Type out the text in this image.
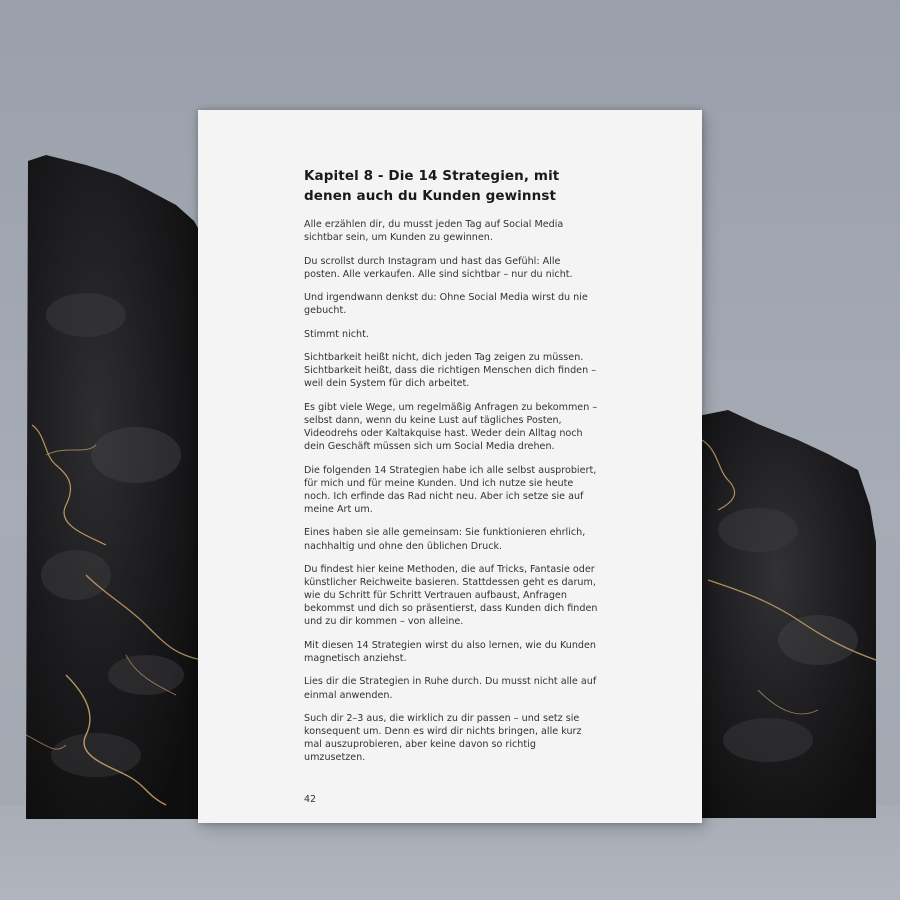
Kapitel 8 - Die 14 Strategien, mit denen auch du Kunden gewinnst

Alle erzählen dir, du musst jeden Tag auf Social Media sichtbar sein, um Kunden zu gewinnen.

Du scrollst durch Instagram und hast das Gefühl: Alle posten. Alle verkaufen. Alle sind sichtbar – nur du nicht.

Und irgendwann denkst du: Ohne Social Media wirst du nie gebucht.

Stimmt nicht.

Sichtbarkeit heißt nicht, dich jeden Tag zeigen zu müssen. Sichtbarkeit heißt, dass die richtigen Menschen dich finden – weil dein System für dich arbeitet.

Es gibt viele Wege, um regelmäßig Anfragen zu bekommen – selbst dann, wenn du keine Lust auf tägliches Posten, Videodrehs oder Kaltakquise hast. Weder dein Alltag noch dein Geschäft müssen sich um Social Media drehen.

Die folgenden 14 Strategien habe ich alle selbst ausprobiert, für mich und für meine Kunden. Und ich nutze sie heute noch. Ich erfinde das Rad nicht neu. Aber ich setze sie auf meine Art um.

Eines haben sie alle gemeinsam: Sie funktionieren ehrlich, nachhaltig und ohne den üblichen Druck.

Du findest hier keine Methoden, die auf Tricks, Fantasie oder künstlicher Reichweite basieren. Stattdessen geht es darum, wie du Schritt für Schritt Vertrauen aufbaust, Anfragen bekommst und dich so präsentierst, dass Kunden dich finden und zu dir kommen – von alleine.

Mit diesen 14 Strategien wirst du also lernen, wie du Kunden magnetisch anziehst.

Lies dir die Strategien in Ruhe durch. Du musst nicht alle auf einmal anwenden.

Such dir 2–3 aus, die wirklich zu dir passen – und setz sie konsequent um. Denn es wird dir nichts bringen, alle kurz mal auszuprobieren, aber keine davon so richtig umzusetzen.

42
